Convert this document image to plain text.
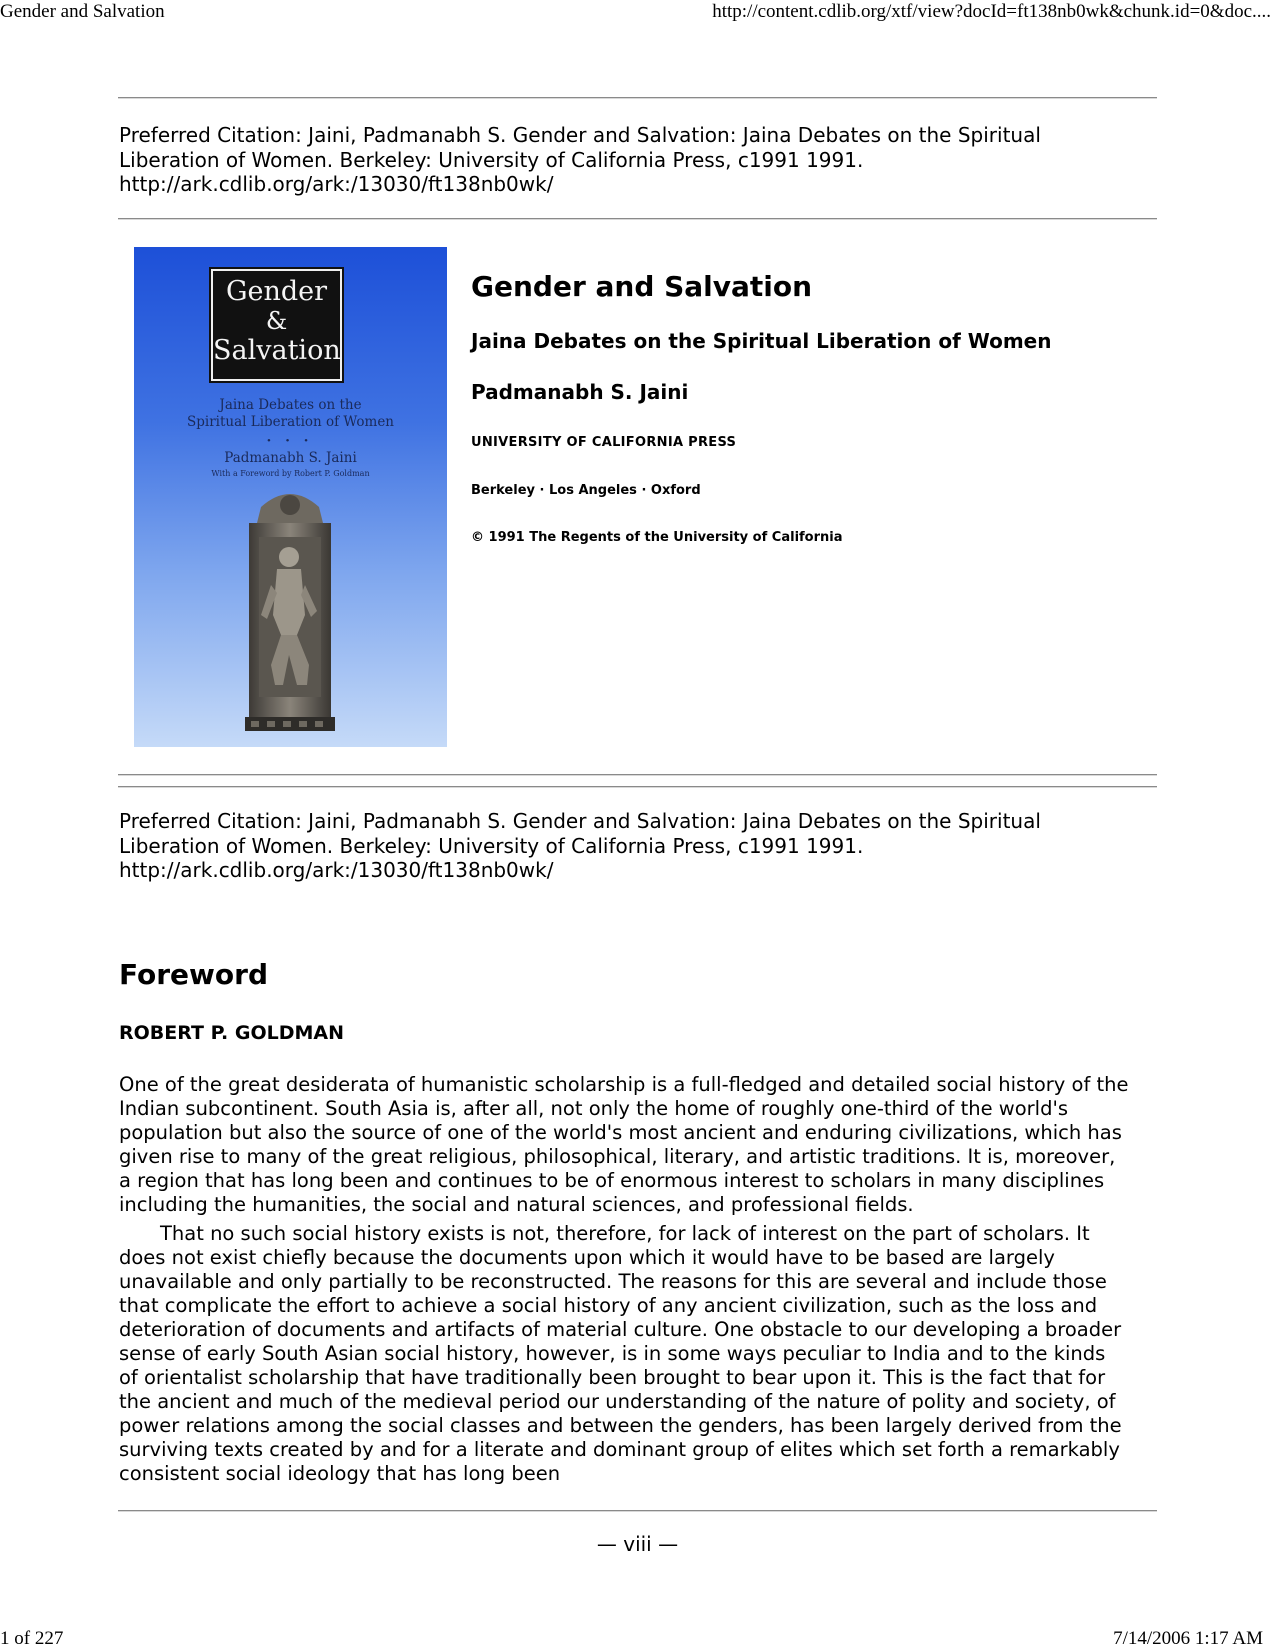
Gender and Salvation	http://content.cdlib.org/xtf/view?docId=ft138nb0wk&chunk.id=0&doc....
Preferred Citation: Jaini, Padmanabh S. Gender and Salvation: Jaina Debates on the Spiritual
Liberation of Women. Berkeley: University of California Press, c1991 1991.
http://ark.cdlib.org/ark:/13030/ft138nb0wk/
Gender
&
Salvation
Jaina Debates on the
Spiritual Liberation of Women
• • •
Padmanabh S. Jaini
With a Foreword by Robert P. Goldman
Gender and Salvation
Jaina Debates on the Spiritual Liberation of Women
Padmanabh S. Jaini
UNIVERSITY OF CALIFORNIA PRESS
Berkeley · Los Angeles · Oxford
© 1991 The Regents of the University of California
Preferred Citation: Jaini, Padmanabh S. Gender and Salvation: Jaina Debates on the Spiritual
Liberation of Women. Berkeley: University of California Press, c1991 1991.
http://ark.cdlib.org/ark:/13030/ft138nb0wk/
Foreword
ROBERT P. GOLDMAN
One of the great desiderata of humanistic scholarship is a full-fledged and detailed social history of the
Indian subcontinent. South Asia is, after all, not only the home of roughly one-third of the world's
population but also the source of one of the world's most ancient and enduring civilizations, which has
given rise to many of the great religious, philosophical, literary, and artistic traditions. It is, moreover,
a region that has long been and continues to be of enormous interest to scholars in many disciplines
including the humanities, the social and natural sciences, and professional fields.
That no such social history exists is not, therefore, for lack of interest on the part of scholars. It
does not exist chiefly because the documents upon which it would have to be based are largely
unavailable and only partially to be reconstructed. The reasons for this are several and include those
that complicate the effort to achieve a social history of any ancient civilization, such as the loss and
deterioration of documents and artifacts of material culture. One obstacle to our developing a broader
sense of early South Asian social history, however, is in some ways peculiar to India and to the kinds
of orientalist scholarship that have traditionally been brought to bear upon it. This is the fact that for
the ancient and much of the medieval period our understanding of the nature of polity and society, of
power relations among the social classes and between the genders, has been largely derived from the
surviving texts created by and for a literate and dominant group of elites which set forth a remarkably
consistent social ideology that has long been
— viii —
1 of 227	7/14/2006 1:17 AM
